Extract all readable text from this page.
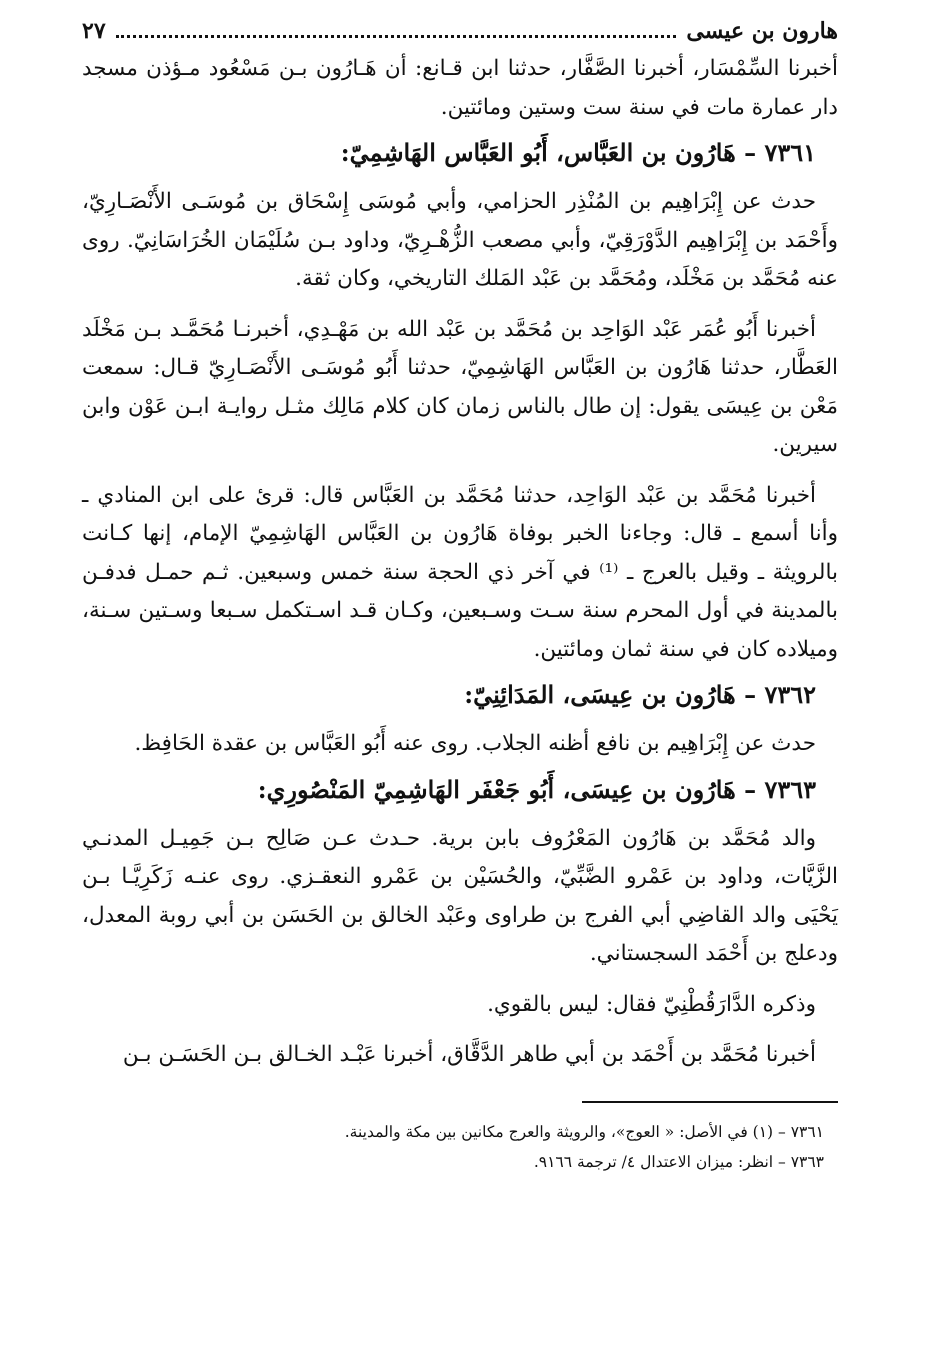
هارون بن عيسى
٢٧

أخبرنا السِّمْسَار، أخبرنا الصَّفَّار، حدثنا ابن قـانع: أن هَـارُون بـن مَسْعُود مـؤذن مسجد دار عمارة مات في سنة ست وستين ومائتين.

٧٣٦١ – هَارُون بن العَبَّاس، أَبُو العَبَّاس الهَاشِمِيّ:

حدث عن إِبْرَاهِيم بن المُنْذِر الحزامي، وأبي مُوسَى إِسْحَاق بن مُوسَـى الأَنْصَـارِيّ، وأَحْمَد بن إِبْرَاهِيم الدَّوْرَقِيّ، وأبي مصعب الزُّهْـرِيّ، وداود بـن سُلَيْمَان الخُرَاسَانِيّ. روى عنه مُحَمَّد بن مَخْلَد، ومُحَمَّد بن عَبْد المَلك التاريخي، وكان ثقة.

أخبرنا أَبُو عُمَر عَبْد الوَاحِد بن مُحَمَّد بن عَبْد الله بن مَهْـدِي، أخبرنـا مُحَمَّـد بـن مَخْلَد العَطَّار، حدثنا هَارُون بن العَبَّاس الهَاشِمِيّ، حدثنا أَبُو مُوسَـى الأَنْصَـارِيّ قـال: سمعت مَعْن بن عِيسَى يقول: إن طال بالناس زمان كان كلام مَالِك مثـل روايـة ابـن عَوْن وابن سيرين.

أخبرنا مُحَمَّد بن عَبْد الوَاحِد، حدثنا مُحَمَّد بن العَبَّاس قال: قرئ على ابن المنادي ـ وأنا أسمع ـ قال: وجاءنا الخبر بوفاة هَارُون بن العَبَّاس الهَاشِمِيّ الإمام، إنها كـانت بالرويثة ـ وقيل بالعرج ـ ⁽¹⁾ في آخر ذي الحجة سنة خمس وسبعين. ثـم حمـل فدفـن بالمدينة في أول المحرم سنة سـت وسـبعين، وكـان قـد اسـتكمل سـبعا وسـتين سـنة، وميلاده كان في سنة ثمان ومائتين.

٧٣٦٢ – هَارُون بن عِيسَى، المَدَائِنِيّ:

حدث عن إِبْرَاهِيم بن نافع أظنه الجلاب. روى عنه أَبُو العَبَّاس بن عقدة الحَافِظ.

٧٣٦٣ – هَارُون بن عِيسَى، أَبُو جَعْفَر الهَاشِمِيّ المَنْصُورِي:

والد مُحَمَّد بن هَارُون المَعْرُوف بابن برية. حـدث عـن صَالِح بـن جَمِيـل المدنـي الزَّيَّات، وداود بن عَمْرو الضَّبِّيّ، والحُسَيْن بن عَمْرو النعقـزي. روى عنـه زَكَرِيَّـا بـن يَحْيَى والد القاضِي أبي الفرج بن طراوى وعَبْد الخالق بن الحَسَن بن أبي روبة المعدل، ودعلج بن أَحْمَد السجستاني.

وذكره الدَّارَقُطْنِيّ فقال: ليس بالقوي.

أخبرنا مُحَمَّد بن أَحْمَد بن أبي طاهر الدَّقَّاق، أخبرنا عَبْـد الخـالق بـن الحَسَـن بـن

٧٣٦١ – (١) في الأصل: « العوج»، والرويثة والعرج مكانين بين مكة والمدينة.

٧٣٦٣ – انظر: ميزان الاعتدال ٤/ ترجمة ٩١٦٦.
